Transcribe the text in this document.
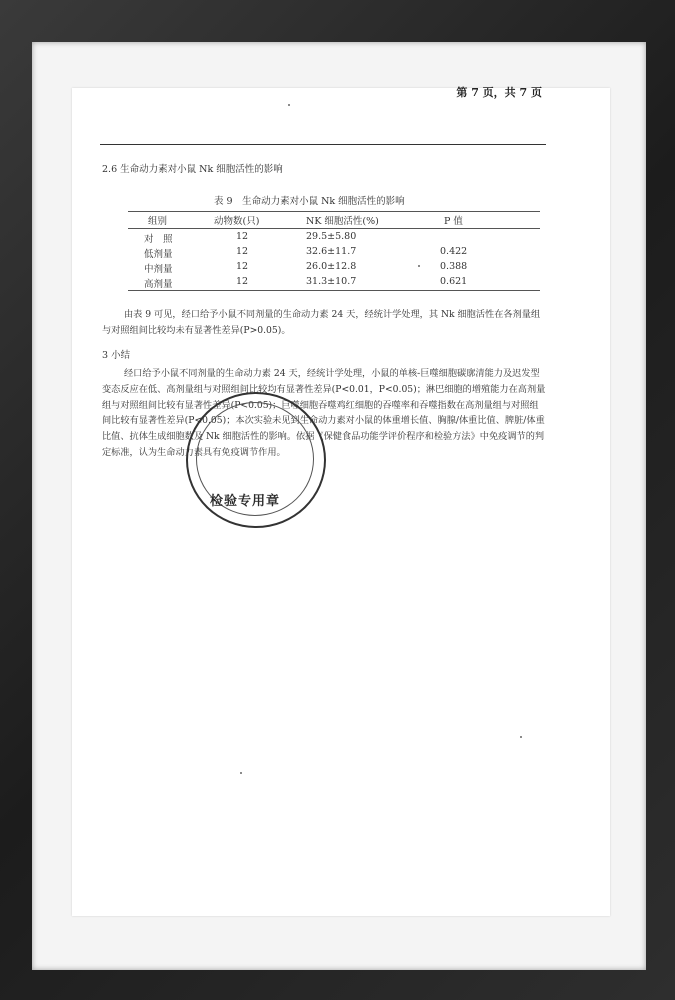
第 7 页，共 7 页
2.6 生命动力素对小鼠 Nk 细胞活性的影响
表 9　生命动力素对小鼠 Nk 细胞活性的影响
组别	动物数(只)	NK 细胞活性(%)	P 值
对　照	12	29.5±5.80
低剂量	12	32.6±11.7	0.422
中剂量	12	26.0±12.8	0.388
高剂量	12	31.3±10.7	0.621
由表 9 可见，经口给予小鼠不同剂量的生命动力素 24 天，经统计学处理，其 Nk 细胞活性在各剂量组与对照组间比较均未有显著性差异(P>0.05)。
3 小结
经口给予小鼠不同剂量的生命动力素 24 天，经统计学处理，小鼠的单核-巨噬细胞碳廓清能力及迟发型变态反应在低、高剂量组与对照组间比较均有显著性差异(P<0.01，P<0.05)；淋巴细胞的增殖能力在高剂量组与对照组间比较有显著性差异(P<0.05)；巨噬细胞吞噬鸡红细胞的吞噬率和吞噬指数在高剂量组与对照组间比较有显著性差异(P<0.05)；本次实验未见到生命动力素对小鼠的体重增长值、胸腺/体重比值、脾脏/体重比值、抗体生成细胞数及 Nk 细胞活性的影响。依据《保健食品功能学评价程序和检验方法》中免疫调节的判定标准，认为生命动力素具有免疫调节作用。
检验专用章
